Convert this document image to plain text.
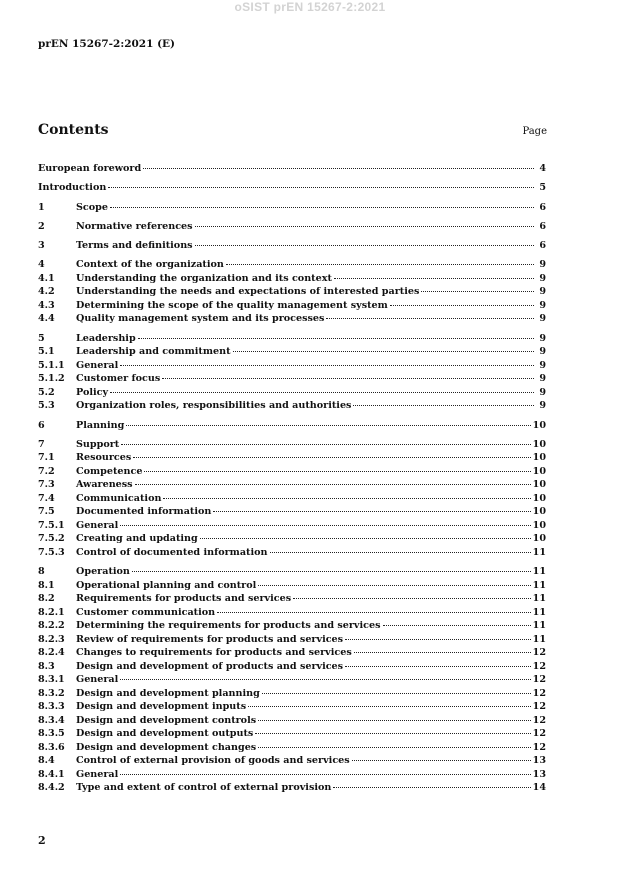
oSIST prEN 15267-2:2021
prEN 15267-2:2021 (E)
Contents	Page
European foreword	4
Introduction	5
1	Scope	6
2	Normative references	6
3	Terms and definitions	6
4	Context of the organization	9
4.1	Understanding the organization and its context	9
4.2	Understanding the needs and expectations of interested parties	9
4.3	Determining the scope of the quality management system	9
4.4	Quality management system and its processes	9
5	Leadership	9
5.1	Leadership and commitment	9
5.1.1	General	9
5.1.2	Customer focus	9
5.2	Policy	9
5.3	Organization roles, responsibilities and authorities	9
6	Planning	10
7	Support	10
7.1	Resources	10
7.2	Competence	10
7.3	Awareness	10
7.4	Communication	10
7.5	Documented information	10
7.5.1	General	10
7.5.2	Creating and updating	10
7.5.3	Control of documented information	11
8	Operation	11
8.1	Operational planning and control	11
8.2	Requirements for products and services	11
8.2.1	Customer communication	11
8.2.2	Determining the requirements for products and services	11
8.2.3	Review of requirements for products and services	11
8.2.4	Changes to requirements for products and services	12
8.3	Design and development of products and services	12
8.3.1	General	12
8.3.2	Design and development planning	12
8.3.3	Design and development inputs	12
8.3.4	Design and development controls	12
8.3.5	Design and development outputs	12
8.3.6	Design and development changes	12
8.4	Control of external provision of goods and services	13
8.4.1	General	13
8.4.2	Type and extent of control of external provision	14
2
